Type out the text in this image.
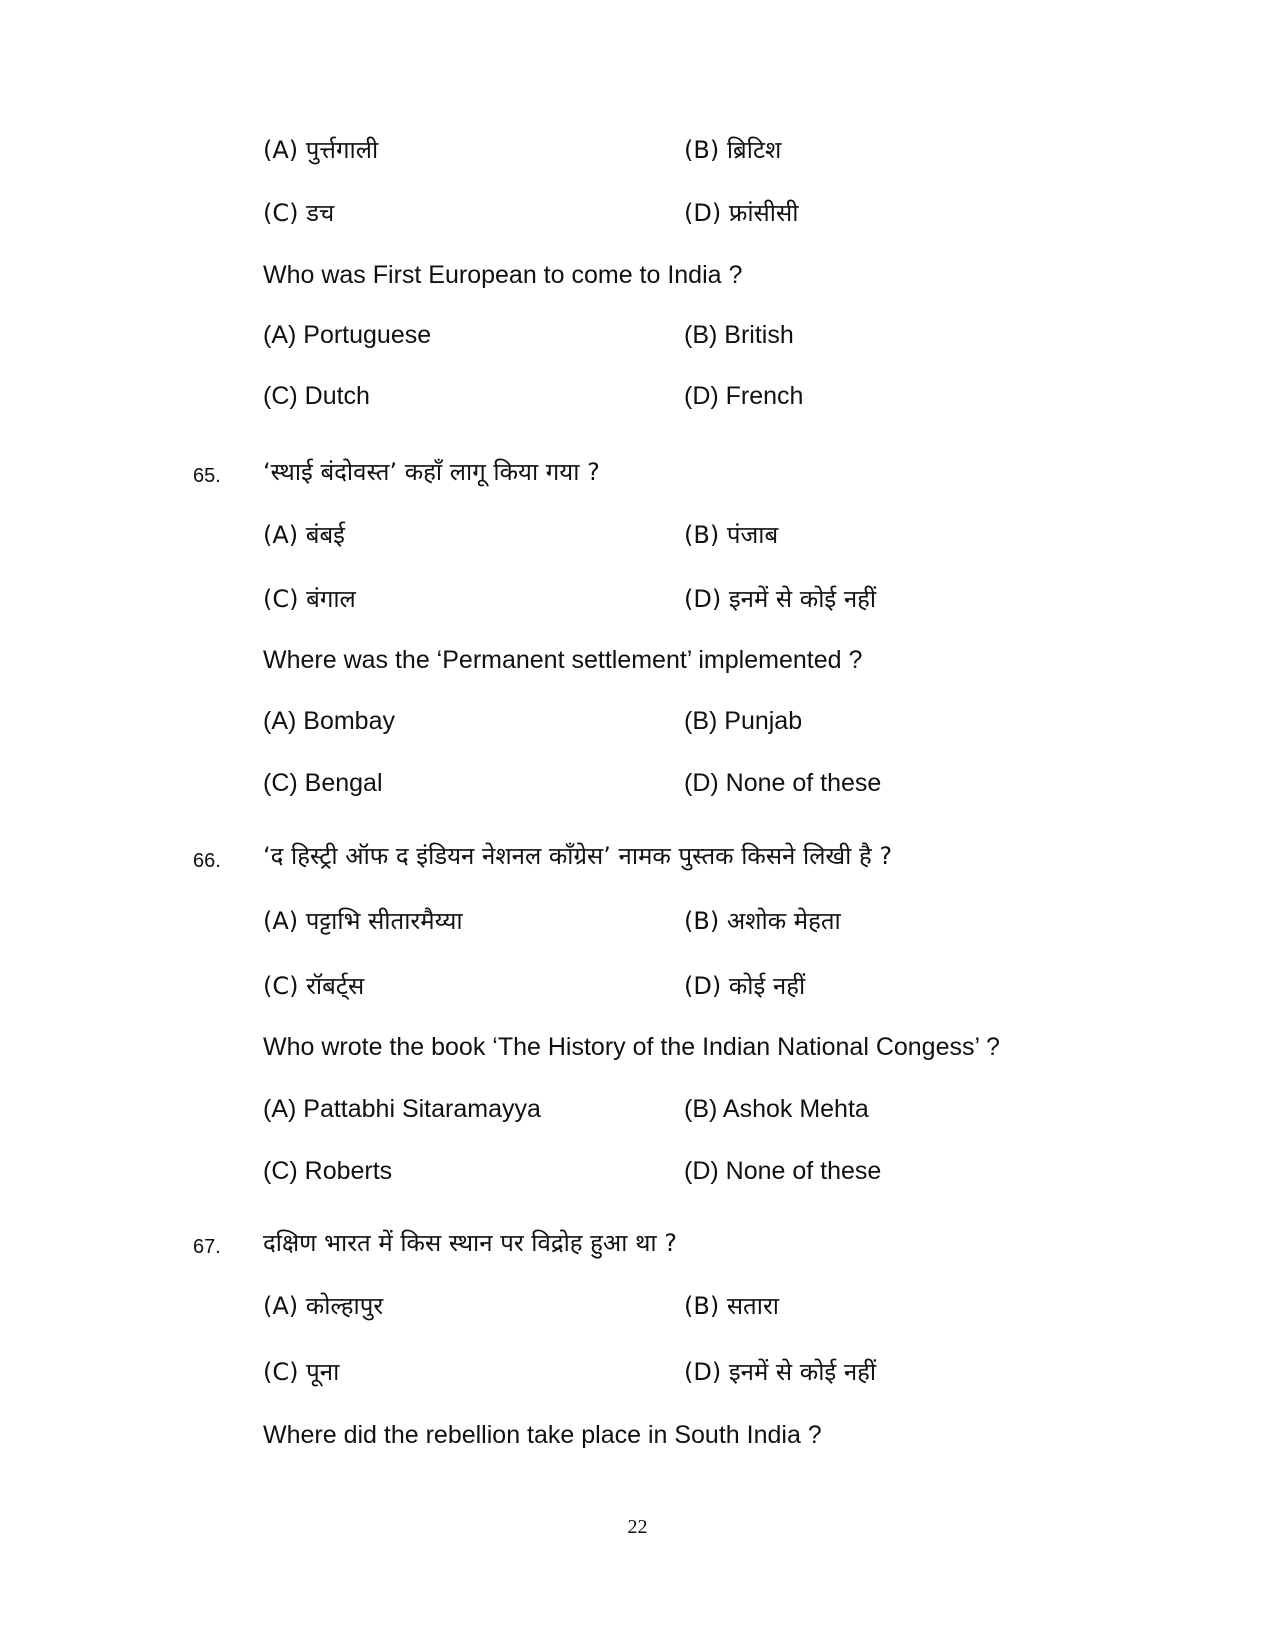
(A) पुर्त्तगाली	(B) ब्रिटिश
(C) डच	(D) फ्रांसीसी
Who was First European to come to India ?
(A) Portuguese	(B) British
(C) Dutch	(D) French
65. ‘स्थाई बंदोवस्त’ कहाँ लागू किया गया ?
(A) बंबई	(B) पंजाब
(C) बंगाल	(D) इनमें से कोई नहीं
Where was the ‘Permanent settlement’ implemented ?
(A) Bombay	(B) Punjab
(C) Bengal	(D) None of these
66. ‘द हिस्ट्री ऑफ द इंडियन नेशनल कॉंग्रेस’ नामक पुस्तक किसने लिखी है ?
(A) पट्टाभि सीतारमैय्या	(B) अशोक मेहता
(C) रॉबर्ट्स	(D) कोई नहीं
Who wrote the book ‘The History of the Indian National Congess’ ?
(A) Pattabhi Sitaramayya	(B) Ashok Mehta
(C) Roberts	(D) None of these
67. दक्षिण भारत में किस स्थान पर विद्रोह हुआ था ?
(A) कोल्हापुर	(B) सतारा
(C) पूना	(D) इनमें से कोई नहीं
Where did the rebellion take place in South India ?
22
